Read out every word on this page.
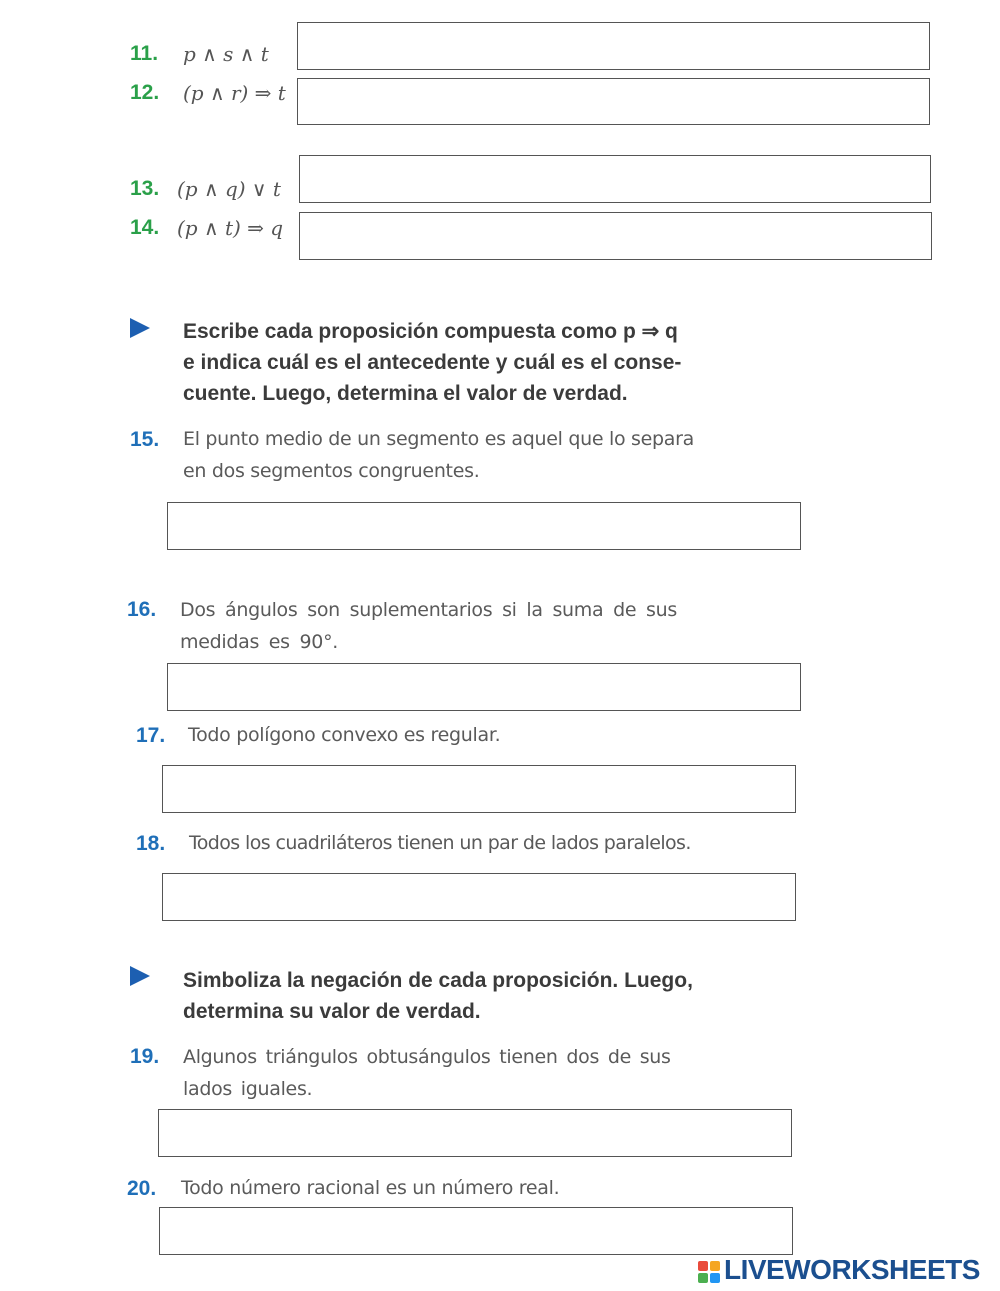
11. p ∧ s ∧ t
12. (p ∧ r) ⇒ t
13. (p ∧ q) ∨ t
14. (p ∧ t) ⇒ q
Escribe cada proposición compuesta como p ⇒ q
e indica cuál es el antecedente y cuál es el conse-
cuente. Luego, determina el valor de verdad.
15. El punto medio de un segmento es aquel que lo separa
en dos segmentos congruentes.
16. Dos ángulos son suplementarios si la suma de sus
medidas es 90°.
17. Todo polígono convexo es regular.
18. Todos los cuadriláteros tienen un par de lados paralelos.
Simboliza la negación de cada proposición. Luego,
determina su valor de verdad.
19. Algunos triángulos obtusángulos tienen dos de sus
lados iguales.
20. Todo número racional es un número real.
LIVEWORKSHEETS
